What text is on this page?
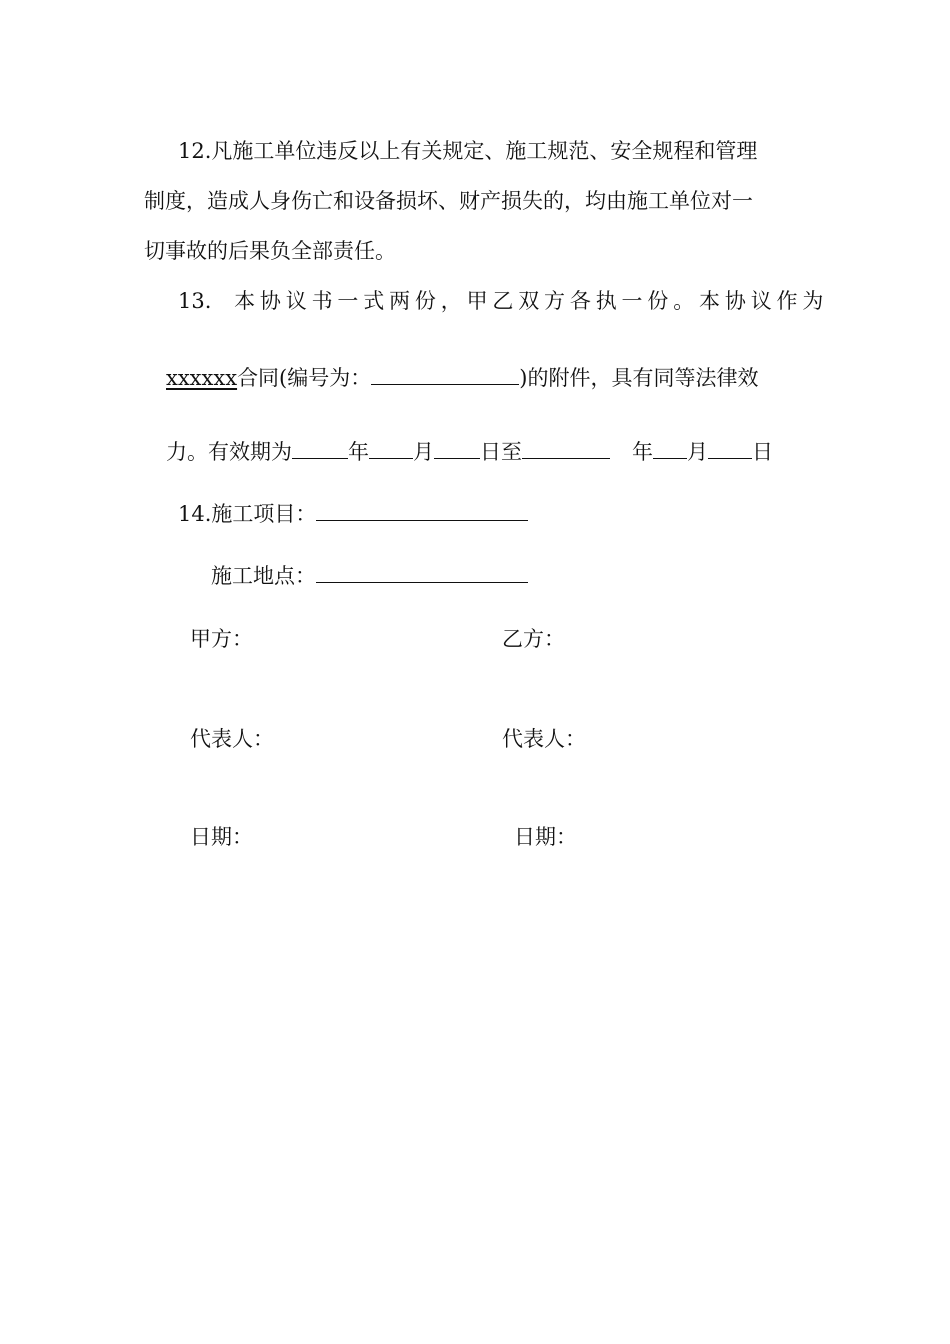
12.凡施工单位违反以上有关规定、施工规范、安全规程和管理
制度，造成人身伤亡和设备损坏、财产损失的，均由施工单位对一
切事故的后果负全部责任。
13. 本协议书一式两份，甲乙双方各执一份。本协议作为
xxxxxx合同(编号为：	)的附件，具有同等法律效
力。有效期为	年 月 日至	年 月 日
14.施工项目：
施工地点：
甲方：	乙方：
代表人：	代表人：
日期：	日期：
